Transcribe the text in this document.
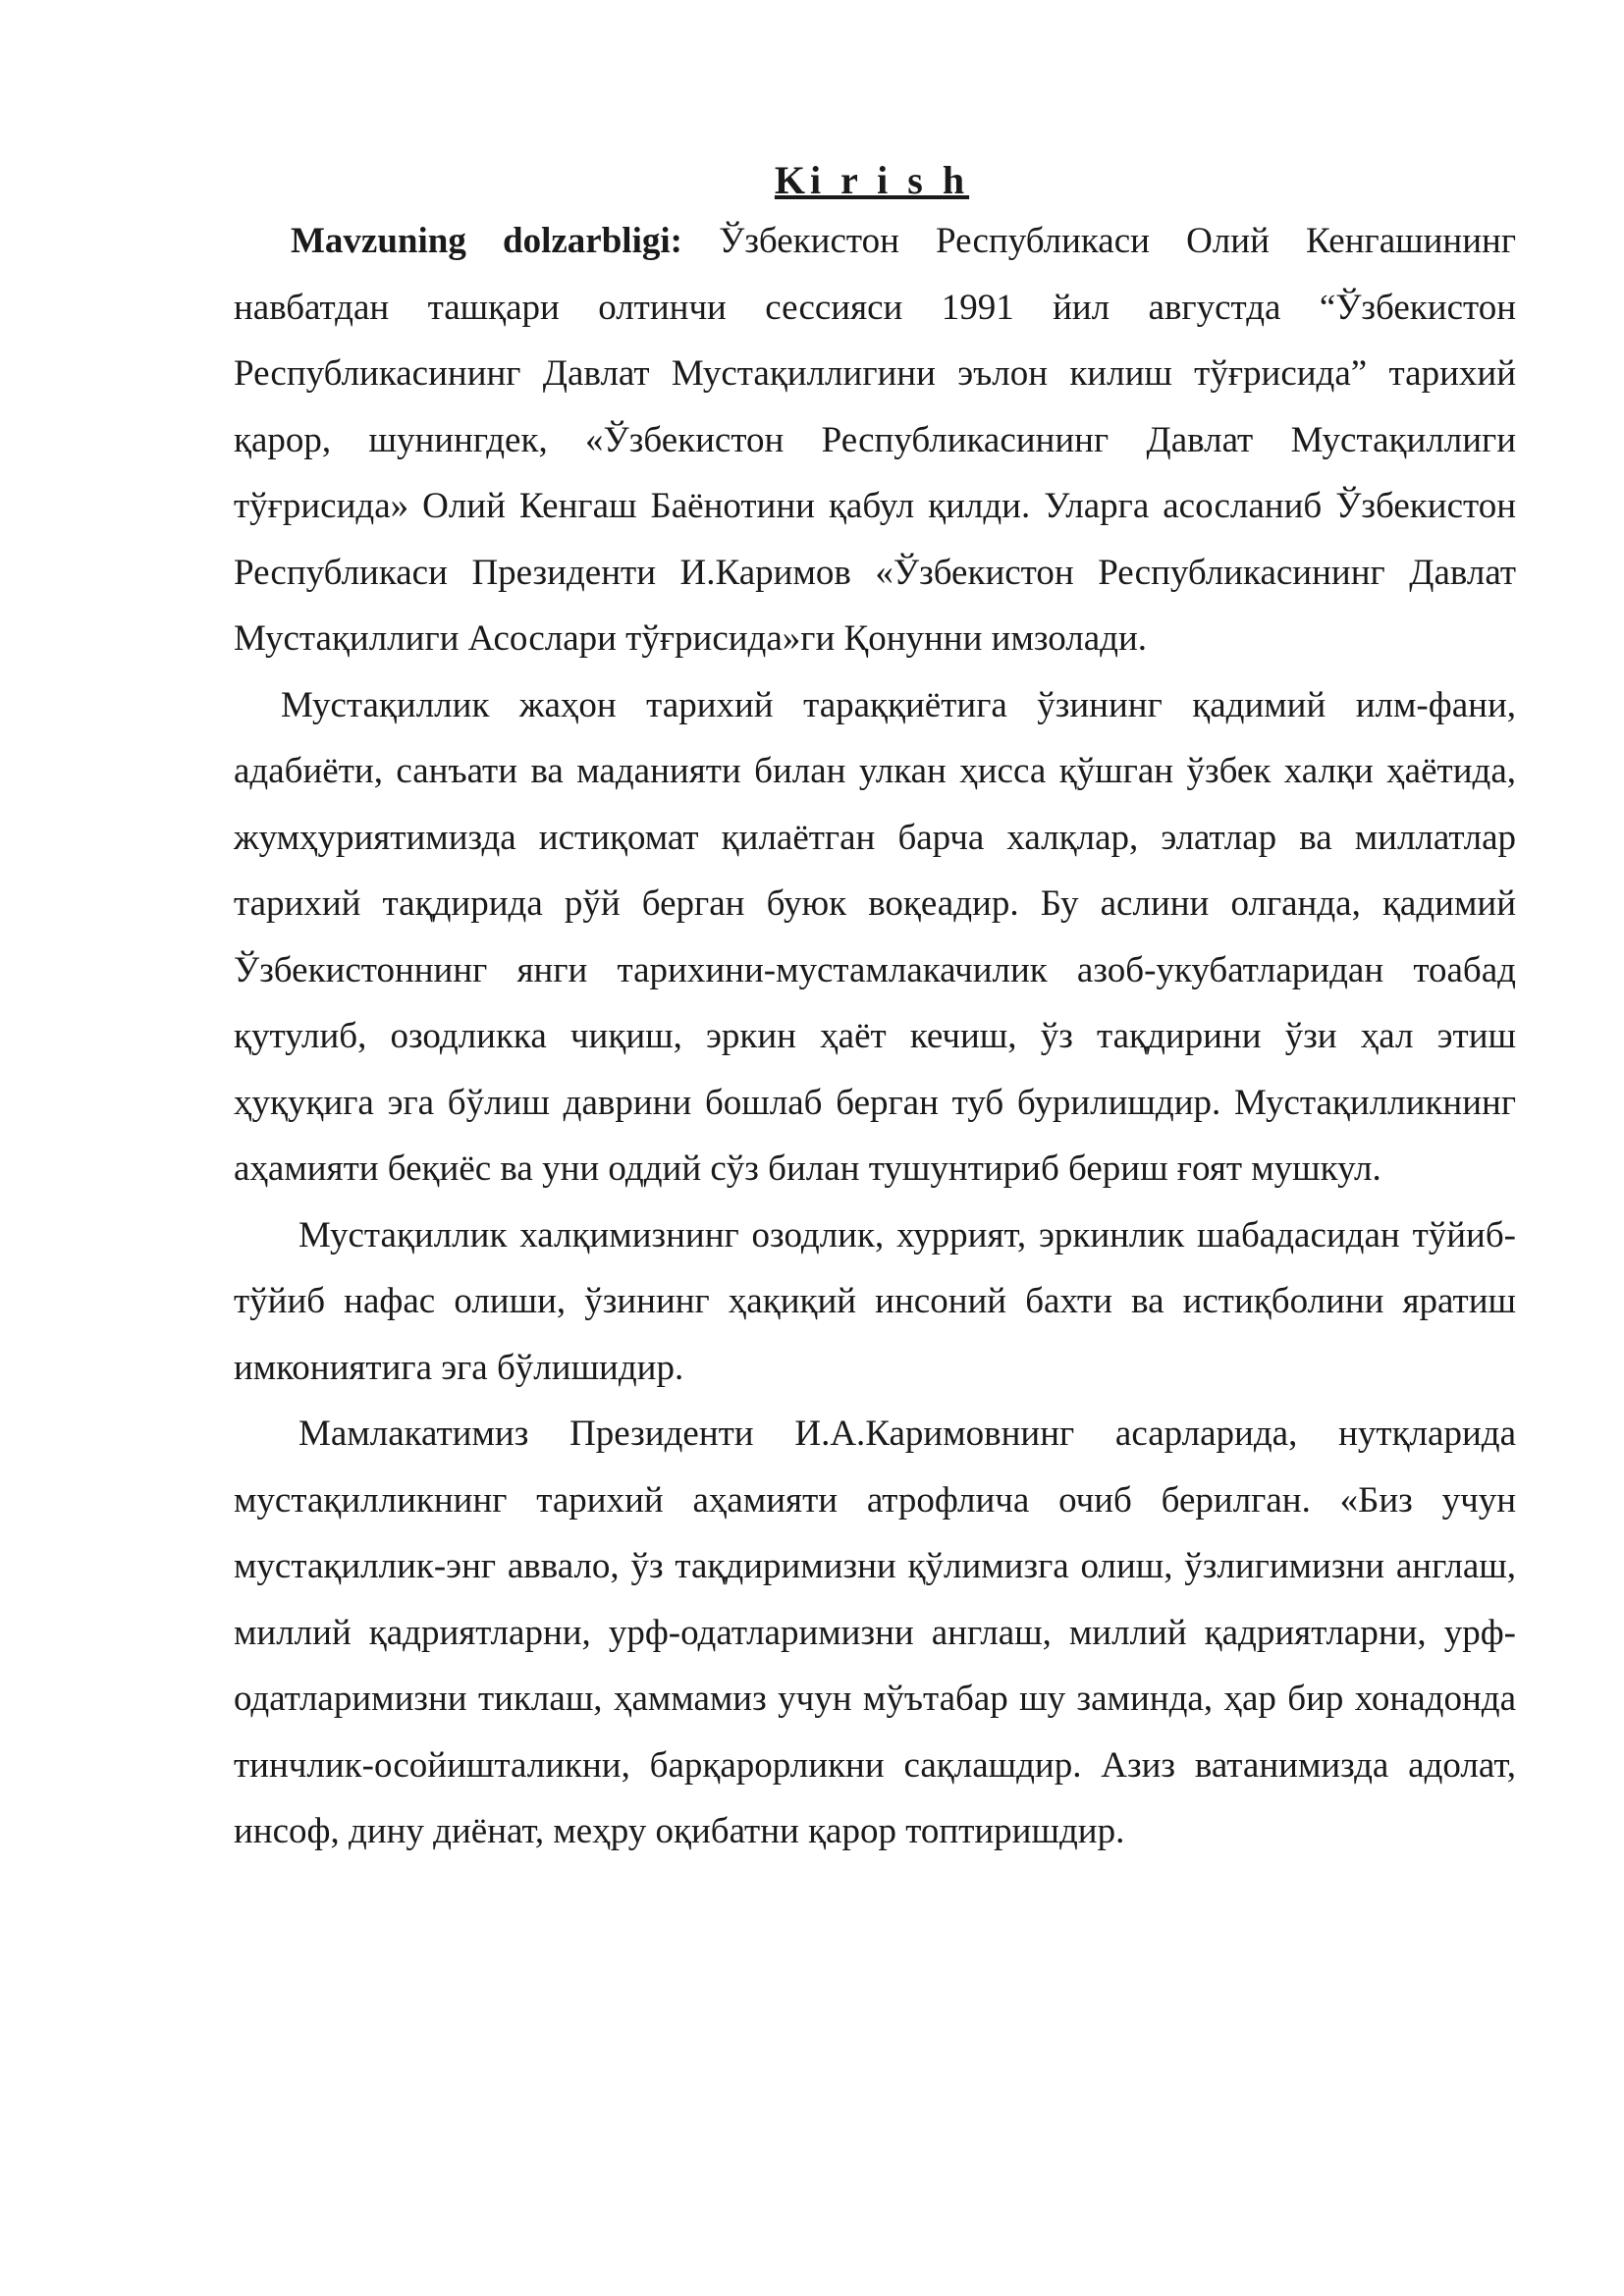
Ki r i s h

Mavzuning dolzarbligi: Ўзбекистон Республикаси Олий Кенгашининг навбатдан ташқари олтинчи сессияси 1991 йил августда “Ўзбекистон Республикасининг Давлат Мустақиллигини эълон килиш тўғрисида” тарихий қарор, шунингдек, «Ўзбекистон Республикасининг Давлат Мустақиллиги тўғрисида» Олий Кенгаш Баёнотини қабул қилди. Уларга асосланиб Ўзбекистон Республикаси Президенти И.Каримов «Ўзбекистон Республикасининг Давлат Мустақиллиги Асослари тўғрисида»ги Қонунни имзолади.

Мустақиллик жаҳон тарихий тараққиётига ўзининг қадимий илм-фани, адабиёти, санъати ва маданияти билан улкан ҳисса қўшган ўзбек халқи ҳаётида, жумҳуриятимизда истиқомат қилаётган барча халқлар, элатлар ва миллатлар тарихий тақдирида рўй берган буюк воқеадир. Бу аслини олганда, қадимий Ўзбекистоннинг янги тарихини-мустамлакачилик азоб-укубатларидан тоабад қутулиб, озодликка чиқиш, эркин ҳаёт кечиш, ўз тақдирини ўзи ҳал этиш ҳуқуқига эга бўлиш даврини бошлаб берган туб бурилишдир. Мустақилликнинг аҳамияти беқиёс ва уни оддий сўз билан тушунтириб бериш ғоят мушкул.

Мустақиллик халқимизнинг озодлик, хуррият, эркинлик шабадасидан тўйиб-тўйиб нафас олиши, ўзининг ҳақиқий инсоний бахти ва истиқболини яратиш имкониятига эга бўлишидир.

Мамлакатимиз Президенти И.А.Каримовнинг асарларида, нутқларида мустақилликнинг тарихий аҳамияти атрофлича очиб берилган. «Биз учун мустақиллик-энг аввало, ўз тақдиримизни қўлимизга олиш, ўзлигимизни англаш, миллий қадриятларни, урф-одатларимизни англаш, миллий қадриятларни, урф-одатларимизни тиклаш, ҳаммамиз учун мўътабар шу заминда, ҳар бир хонадонда тинчлик-осойишталикни, барқарорликни сақлашдир. Азиз ватанимизда адолат, инсоф, дину диёнат, меҳру оқибатни қарор топтиришдир.
